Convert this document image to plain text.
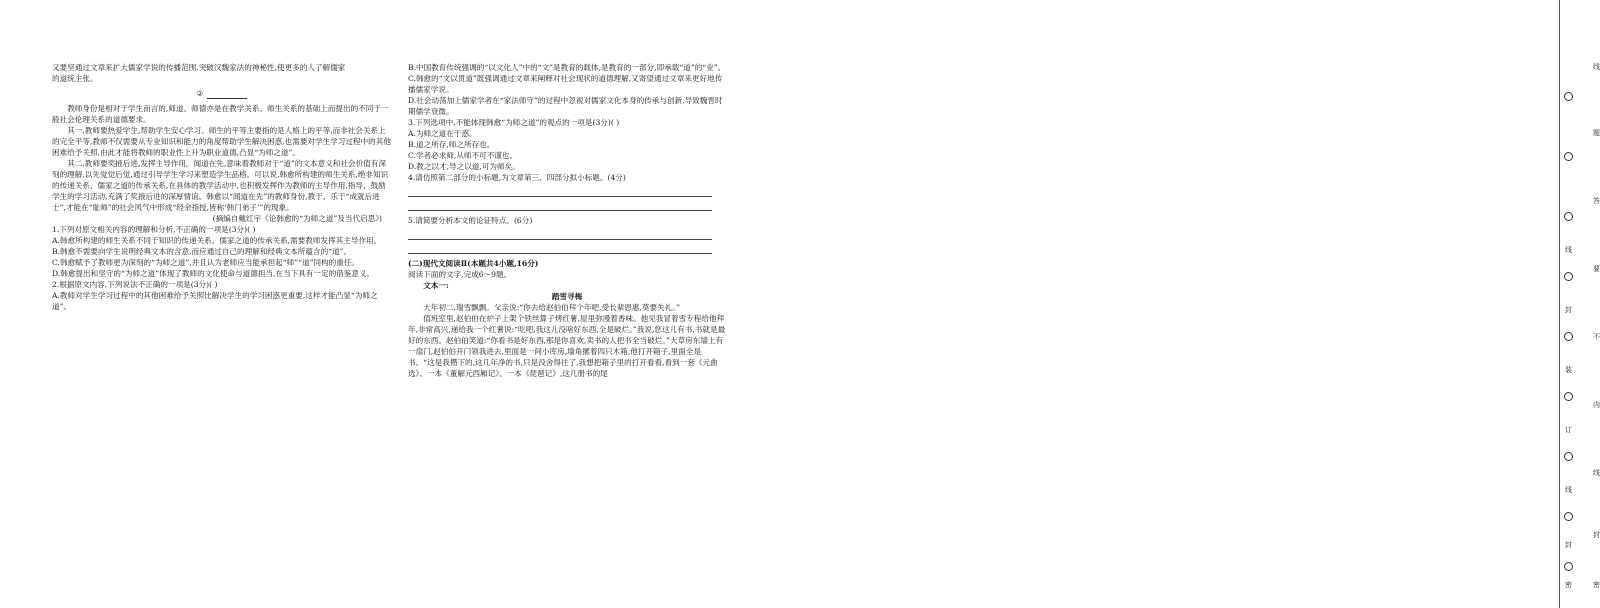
又要坚通过文章来扩大儒家学说的传播范围,突破汉魏家法的神秘性,使更多的人了解儒家

的道统主张。

②

教师身份是相对于学生而言的,师道、师德亦是在教学关系、师生关系的基础上而提出的不同于一般社会伦理关系的道德要求。

其一,教师要热爱学生,帮助学生安心学习。师生的平等主要指的是人格上的平等,而非社会关系上的完全平等,教师不仅需要从专业知识和能力的角度帮助学生解决困惑,也需要对学生学习过程中的其他困难给予关照,由此才能将教师的职业性上升为职业道德,凸显“为师之道”。

其二,教师要奖掖后进,发挥主导作用。闻道在先,意味着教师对于“道”的文本意义和社会价值有深刻的理解,以先觉觉后觉,通过引导学生学习来塑造学生品格。可以说,韩愈所构建的师生关系,绝非知识的传递关系、儒家之道的传承关系,在具体的教学活动中,也积极发挥作为教师的主导作用,指导、鼓励学生的学习活动,充满了奖掖后进的深厚情谊。韩愈以“闻道在先”的教师身份,教于、乐于“成就后进士”,才能在“耻师”的社会风气中形成“经余指授,皆称‘韩门弟子’”的现象。

(摘编自戴红宇《论韩愈的“为师之道”及当代启思》)

1.下列对原文相关内容的理解和分析,不正确的一项是(3分)( )

A.韩愈所构建的师生关系不同于知识的传递关系、儒家之道的传承关系,需要教师发挥其主导作用。

B.韩愈不需要向学生说明经典文本的含意,而应通过自己的理解和经典文本所蕴含的“道”。

C.韩愈赋予了教师更为深刻的“为师之道”,并且认为老师应当能承担起“师”“道”同构的重任。

D.韩愈提出和坚守的“为师之道”体现了教师的文化使命与道德担当,在当下具有一定的借鉴意义。

2.根据原文内容,下列说法不正确的一项是(3分)( )

A.教师对学生学习过程中的其他困难给予关照比解决学生的学习困惑更重要,这样才能凸显“为师之道”。

B.中国教育传统强调的“以文化人”中的“文”是教育的载体,是教育的一部分,即承载“道”的“业”。

C.韩愈的“文以贯道”既强调通过文章来阐释对社会现状的道德理解,又寄望通过文章来更好地传播儒家学说。

D.社会动荡加上儒家学者在“家法师守”的过程中忽视对儒家文化本身的传承与创新,导致魏晋时期儒学衰微。

3.下列选项中,不能体现韩愈“为师之道”的观点的一项是(3分)( )

A.为师之道在于惑。

B.道之所存,师之所存也。

C.学者必求师,从师不可不谨也。

D.教之以才,导之以道,可为师矣。

4.请仿照第二部分的小标题,为文章第三、四部分拟小标题。(4分)

5.请简要分析本文的论证特点。(6分)

(二)现代文阅读Ⅱ(本题共4小题,16分)

阅读下面的文字,完成6～9题。

文本一:

踏雪寻梅

大年初二,瑞雪飘飘。父亲说:“你去给赵伯伯拜个年吧,受长辈恩惠,莫要失礼。”

值班室里,赵伯伯在炉子上架个铁丝算子烤红薯,屋里弥漫着香味。他见我冒着雪专程给他拜年,非常高兴,递给我一个红薯说:“吃吧,我这儿没啥好东西,全是破烂。”我说,您这儿有书,书就是最好的东西。赵伯伯笑道:“你看书是好东西,那是你喜欢,卖书的人把书全当破烂。”大草房东墙上有一扇门,赵伯伯开门领我进去,里面是一间小库房,墙角摞着四只木箱,他打开箱子,里面全是书。“这是我攒下的,这几年净的书,只是没舍得往了,我想把箱子里的打开看看,看到一套《元曲选》、一本《董解元西厢记》、一本《琵琶记》,这几册书的尾

线
题
答
要
不
内
线
封
密
密
封
线
订
装
封
线
